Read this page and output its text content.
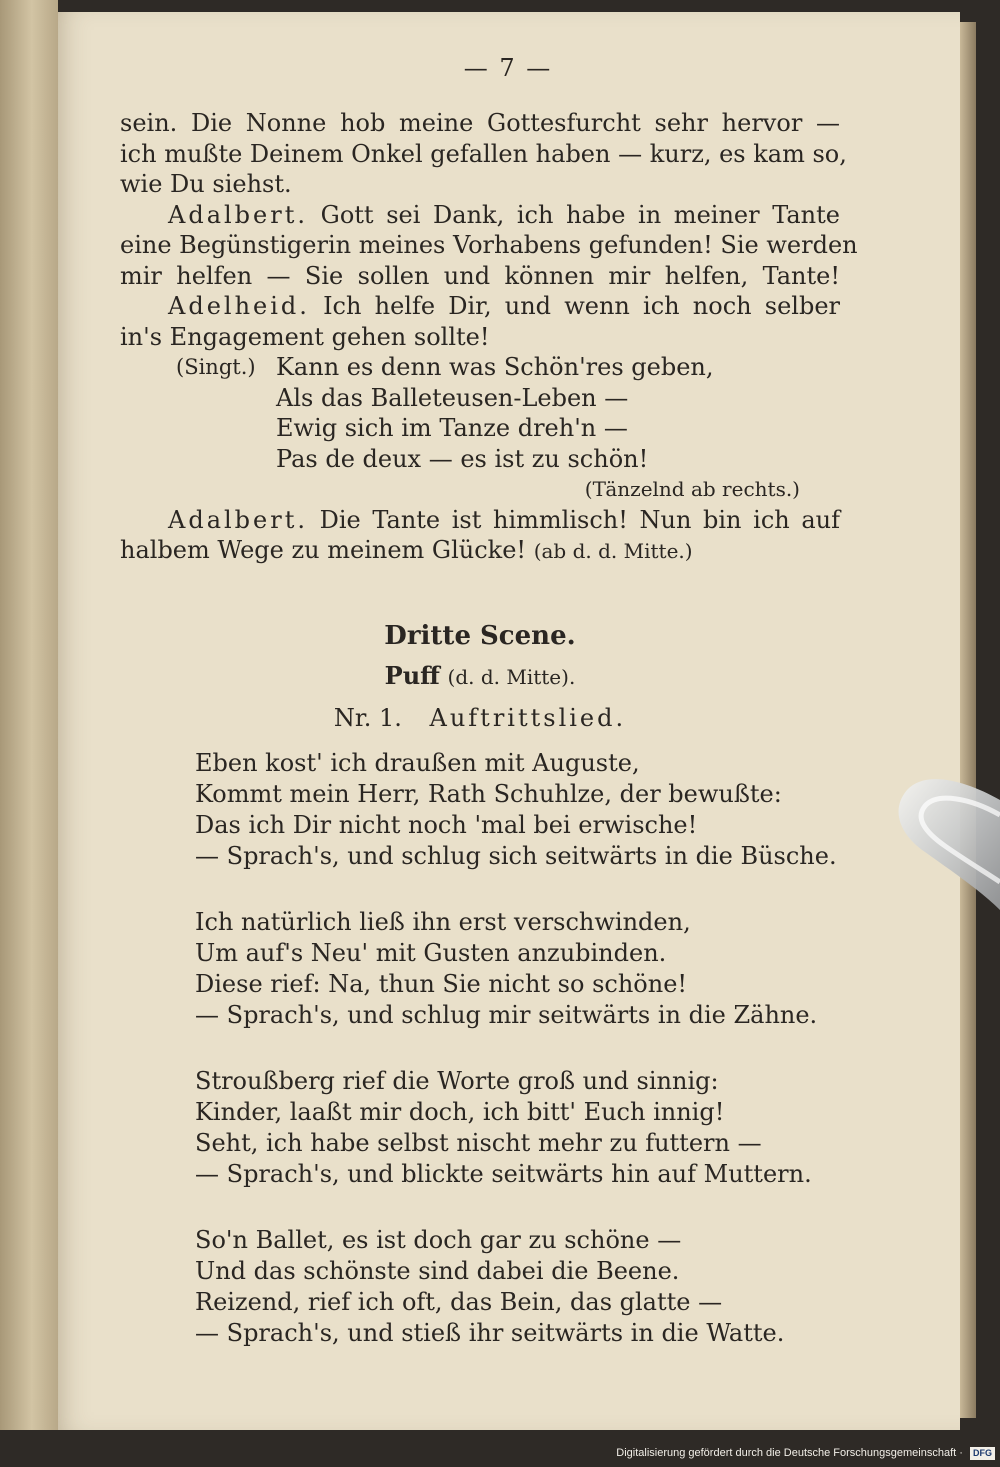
— 7 —
sein. Die Nonne hob meine Gottesfurcht sehr hervor —
ich mußte Deinem Onkel gefallen haben — kurz, es kam so,
wie Du siehst.
Adalbert. Gott sei Dank, ich habe in meiner Tante
eine Begünstigerin meines Vorhabens gefunden! Sie werden
mir helfen — Sie sollen und können mir helfen, Tante!
Adelheid. Ich helfe Dir, und wenn ich noch selber
in's Engagement gehen sollte!
(Singt.) Kann es denn was Schön'res geben,
Als das Balleteusen-Leben —
Ewig sich im Tanze dreh'n —
Pas de deux — es ist zu schön!
(Tänzelnd ab rechts.)
Adalbert. Die Tante ist himmlisch! Nun bin ich auf
halbem Wege zu meinem Glücke! (ab d. d. Mitte.)
Dritte Scene.
Puff (d. d. Mitte).
Nr. 1. Auftrittslied.
Eben kost' ich draußen mit Auguste,
Kommt mein Herr, Rath Schuhlze, der bewußte:
Das ich Dir nicht noch 'mal bei erwische!
— Sprach's, und schlug sich seitwärts in die Büsche.
Ich natürlich ließ ihn erst verschwinden,
Um auf's Neu' mit Gusten anzubinden.
Diese rief: Na, thun Sie nicht so schöne!
— Sprach's, und schlug mir seitwärts in die Zähne.
Stroußberg rief die Worte groß und sinnig:
Kinder, laaßt mir doch, ich bitt' Euch innig!
Seht, ich habe selbst nischt mehr zu futtern —
— Sprach's, und blickte seitwärts hin auf Muttern.
So'n Ballet, es ist doch gar zu schöne —
Und das schönste sind dabei die Beene.
Reizend, rief ich oft, das Bein, das glatte —
— Sprach's, und stieß ihr seitwärts in die Watte.
Digitalisierung gefördert durch die Deutsche Forschungsgemeinschaft · DFG
